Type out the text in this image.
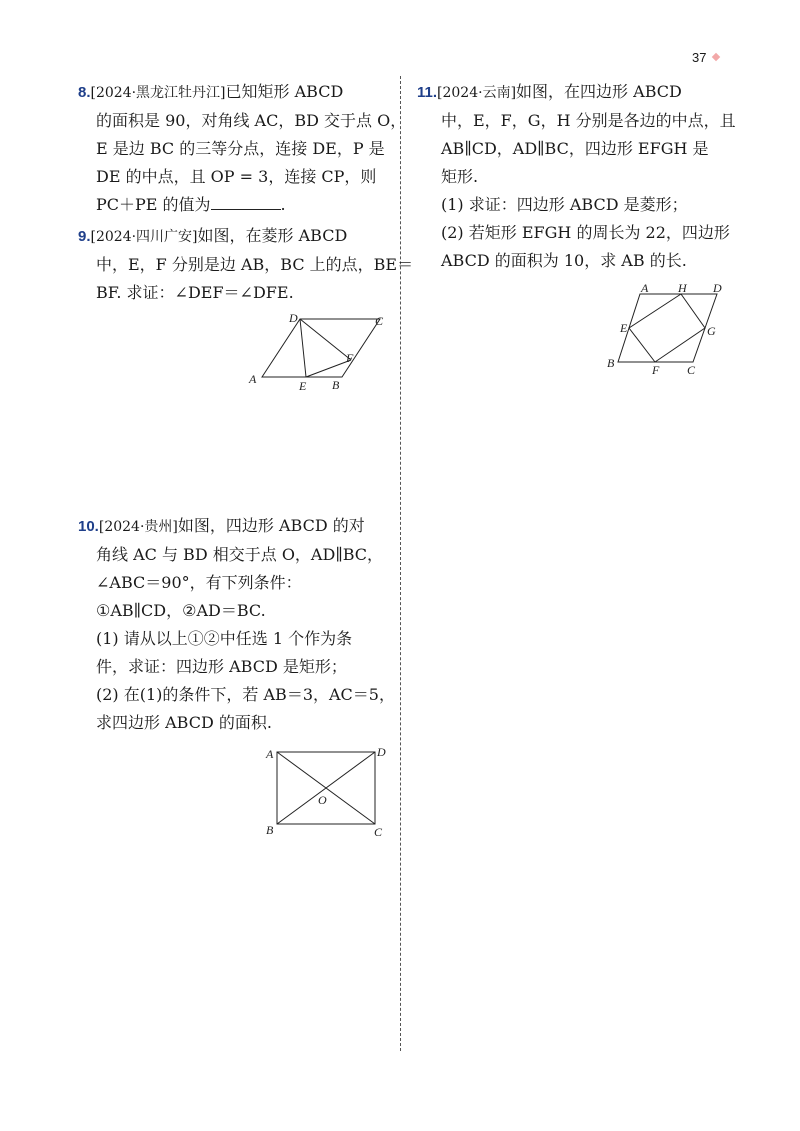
37

8.[2024·黑龙江牡丹江]已知矩形 ABCD

的面积是 90，对角线 AC，BD 交于点 O，

E 是边 BC 的三等分点，连接 DE，P 是

DE 的中点，且 OP = 3，连接 CP，则

PC＋PE 的值为	.

9.[2024·四川广安]如图，在菱形 ABCD

中，E，F 分别是边 AB，BC 上的点，BE＝

BF. 求证：∠DEF＝∠DFE.

A
D	C
F
E B

10.[2024·贵州]如图，四边形 ABCD 的对

角线 AC 与 BD 相交于点 O，AD∥BC，

∠ABC＝90°，有下列条件：

①AB∥CD，②AD＝BC.

(1) 请从以上①②中任选 1 个作为条

件，求证：四边形 ABCD 是矩形；

(2) 在(1)的条件下，若 AB＝3，AC＝5，

求四边形 ABCD 的面积.

A	D
O
B	C

11.[2024·云南]如图，在四边形 ABCD

中，E，F，G，H 分别是各边的中点，且

AB∥CD，AD∥BC，四边形 EFGH 是

矩形.

(1) 求证：四边形 ABCD 是菱形；

(2) 若矩形 EFGH 的周长为 22，四边形

ABCD 的面积为 10，求 AB 的长.

A H D
E	G
B	F C
